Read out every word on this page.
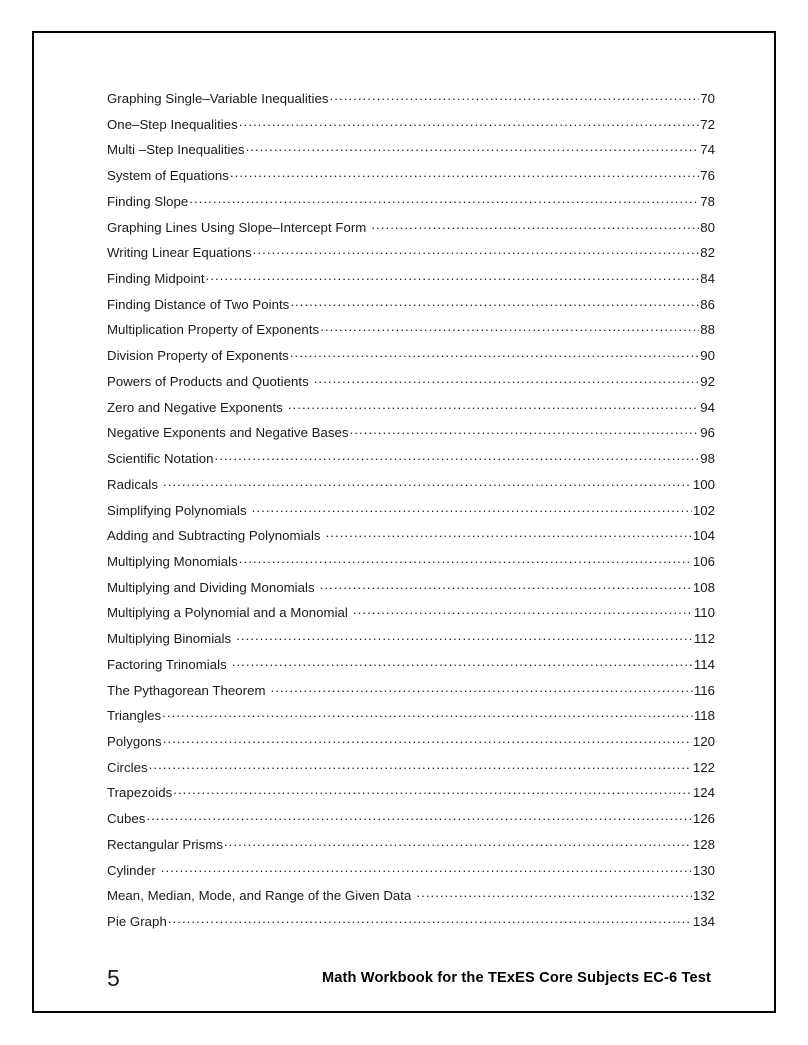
Graphing Single–Variable Inequalities .....	70
One–Step Inequalities .....	72
Multi –Step Inequalities .....	74
System of Equations .....	76
Finding Slope .....	78
Graphing Lines Using Slope–Intercept Form .....	80
Writing Linear Equations .....	82
Finding Midpoint .....	84
Finding Distance of Two Points .....	86
Multiplication Property of Exponents .....	88
Division Property of Exponents .....	90
Powers of Products and Quotients .....	92
Zero and Negative Exponents .....	94
Negative Exponents and Negative Bases .....	96
Scientific Notation .....	98
Radicals .....	100
Simplifying Polynomials .....	102
Adding and Subtracting Polynomials .....	104
Multiplying Monomials .....	106
Multiplying and Dividing Monomials .....	108
Multiplying a Polynomial and a Monomial .....	110
Multiplying Binomials .....	112
Factoring Trinomials .....	114
The Pythagorean Theorem .....	116
Triangles .....	118
Polygons .....	120
Circles .....	122
Trapezoids .....	124
Cubes .....	126
Rectangular Prisms .....	128
Cylinder .....	130
Mean, Median, Mode, and Range of the Given Data .....	132
Pie Graph .....	134
5	Math Workbook for the TExES Core Subjects EC-6 Test
